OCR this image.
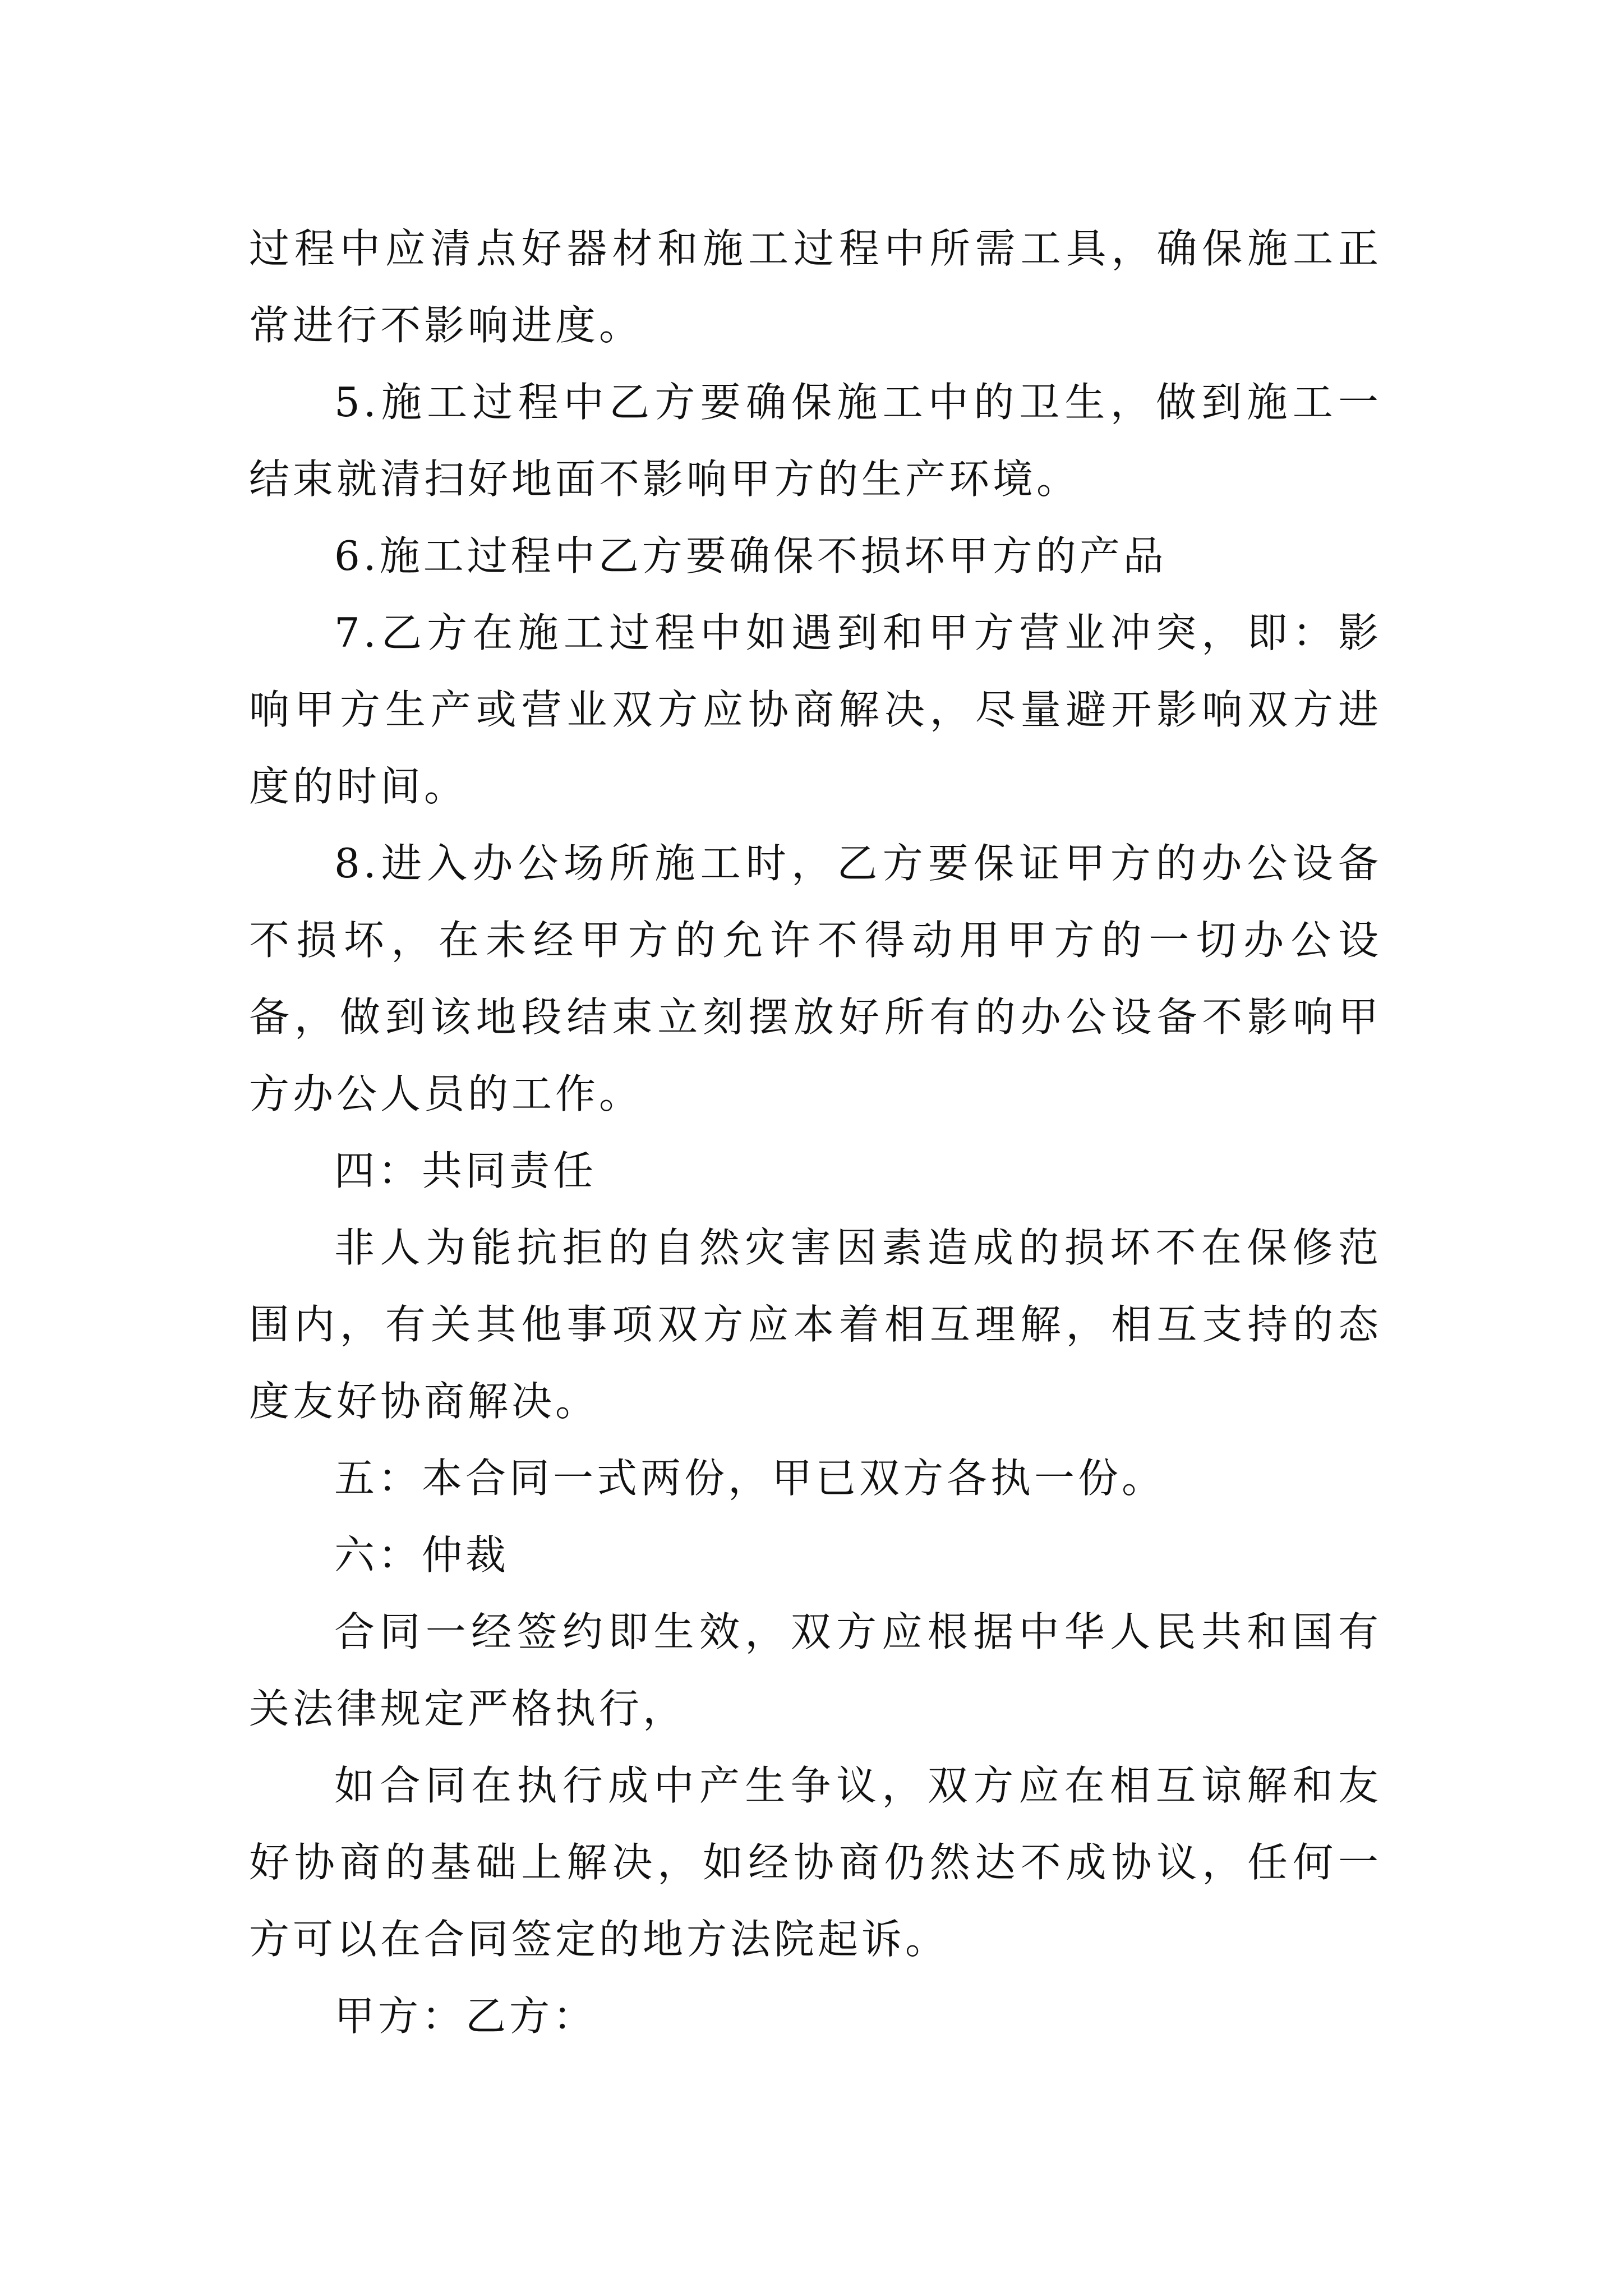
过程中应清点好器材和施工过程中所需工具，确保施工正常进行不影响进度。

5.施工过程中乙方要确保施工中的卫生，做到施工一结束就清扫好地面不影响甲方的生产环境。

6.施工过程中乙方要确保不损坏甲方的产品

7.乙方在施工过程中如遇到和甲方营业冲突，即：影响甲方生产或营业双方应协商解决，尽量避开影响双方进度的时间。

8.进入办公场所施工时，乙方要保证甲方的办公设备不损坏，在未经甲方的允许不得动用甲方的一切办公设备，做到该地段结束立刻摆放好所有的办公设备不影响甲方办公人员的工作。

四：共同责任

非人为能抗拒的自然灾害因素造成的损坏不在保修范围内，有关其他事项双方应本着相互理解，相互支持的态度友好协商解决。

五：本合同一式两份，甲已双方各执一份。

六：仲裁

合同一经签约即生效，双方应根据中华人民共和国有关法律规定严格执行，

如合同在执行成中产生争议，双方应在相互谅解和友好协商的基础上解决，如经协商仍然达不成协议，任何一方可以在合同签定的地方法院起诉。

甲方：乙方：
